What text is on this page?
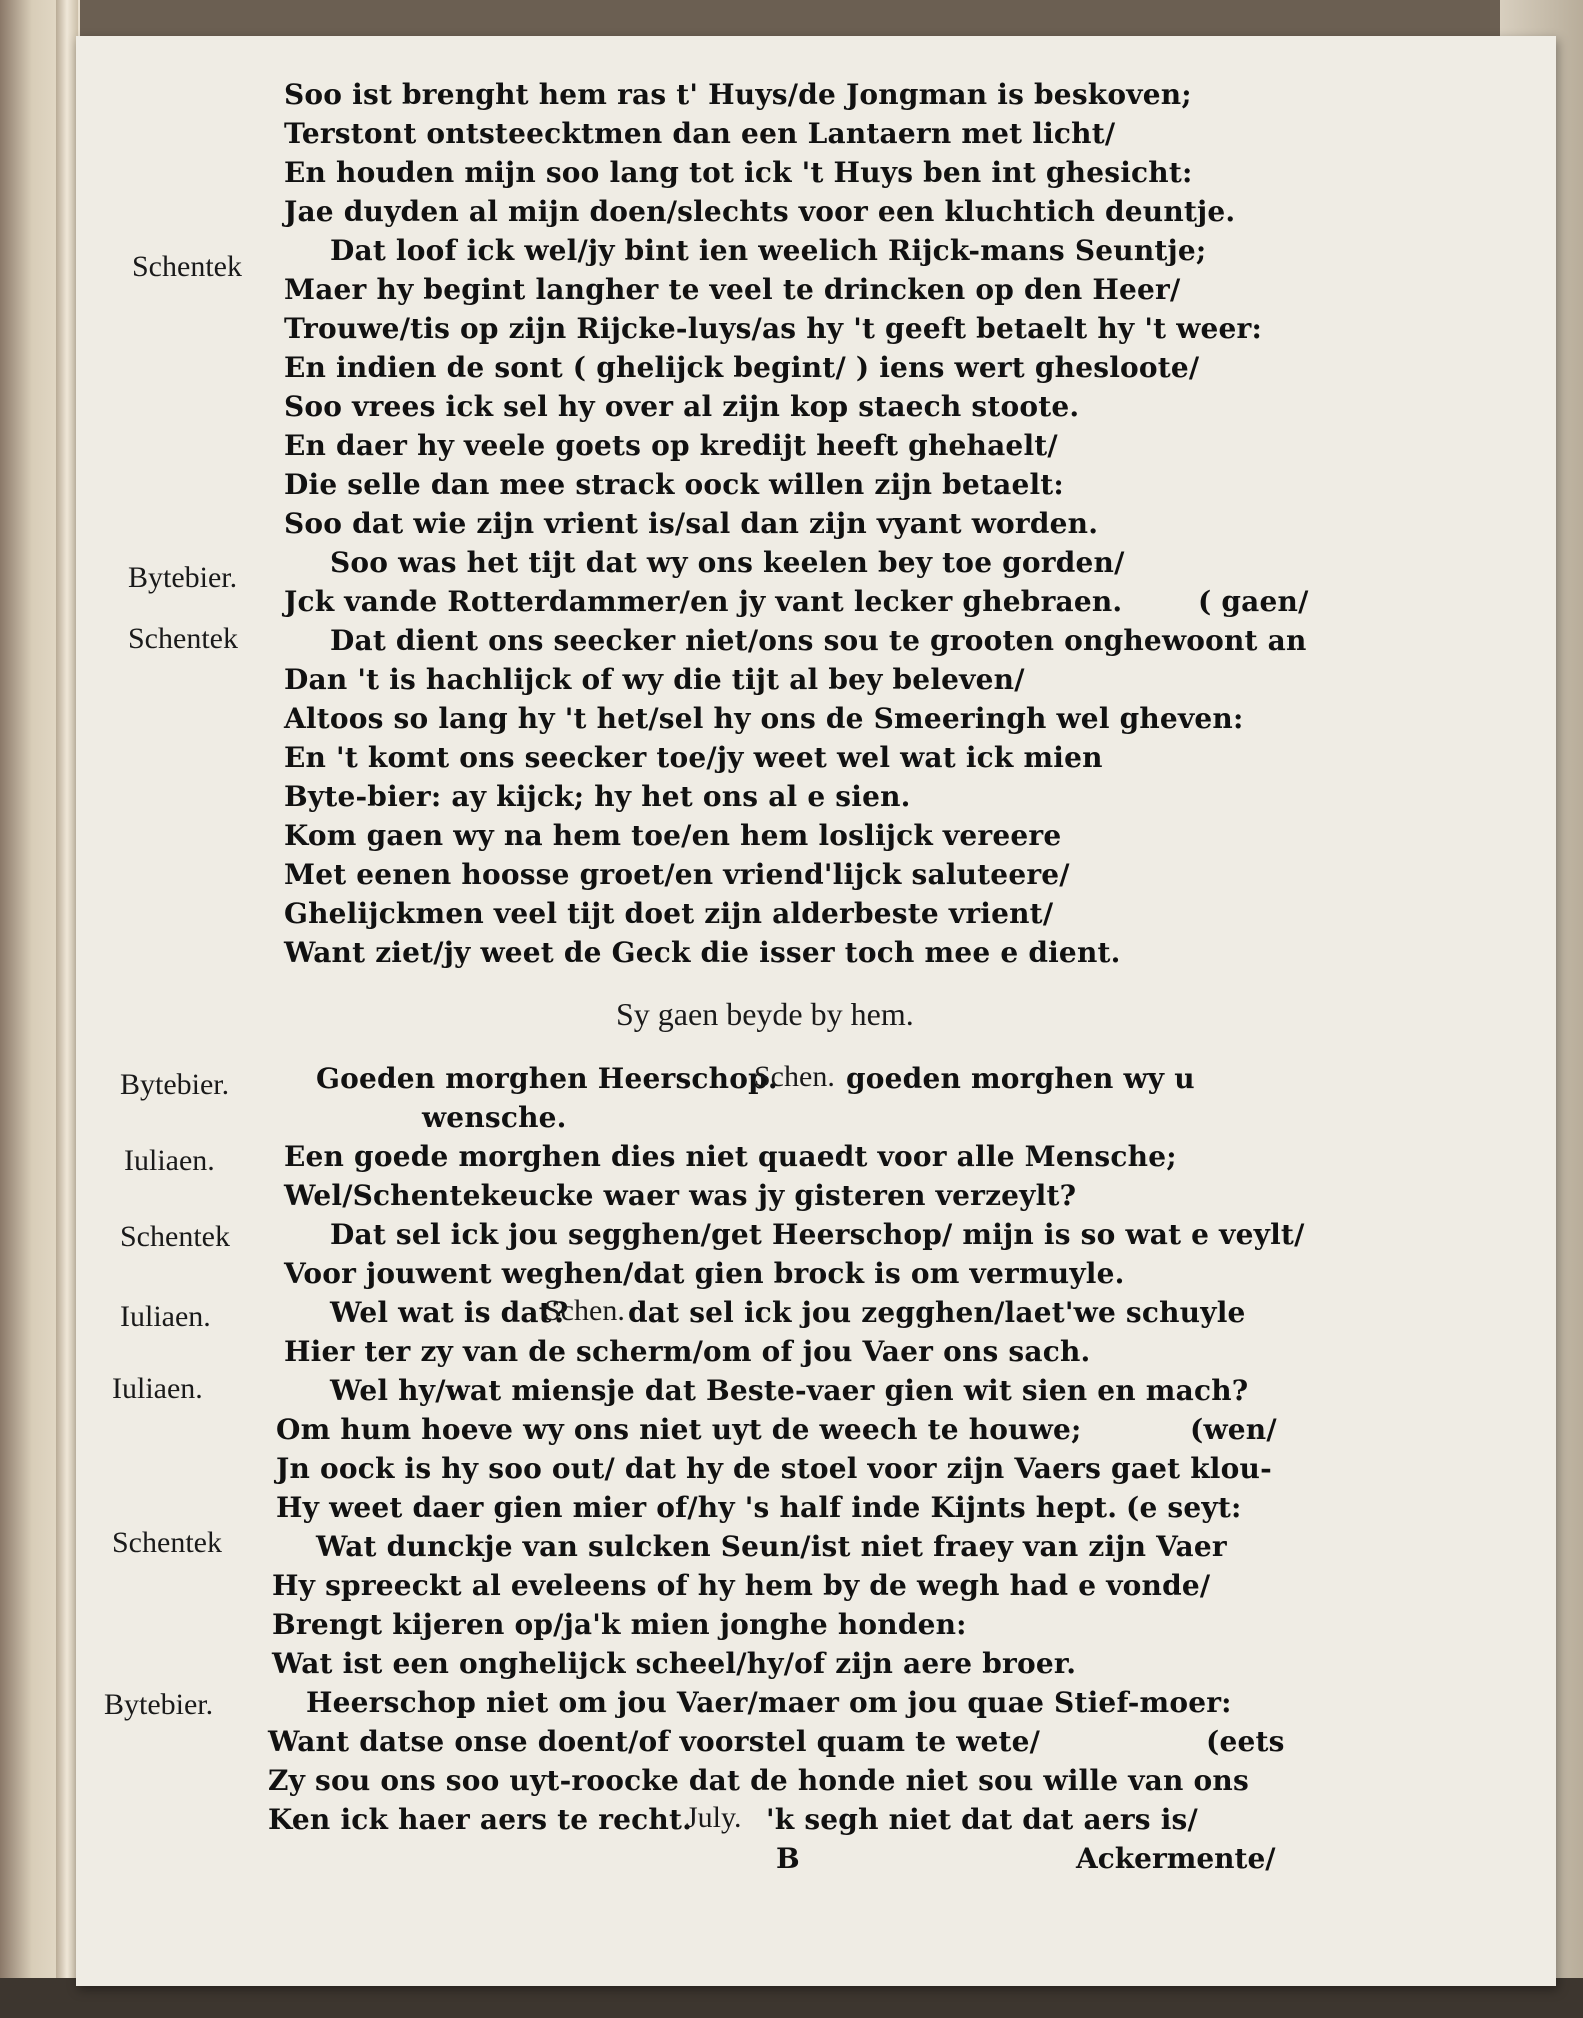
Soo ist brenght hem ras t' Huys/de Jongman is beskoven;
Terstont ontsteecktmen dan een Lantaern met licht/
En houden mijn soo lang tot ick 't Huys ben int ghesicht:
Jae duyden al mijn doen/slechts voor een kluchtich deuntje.
Schentek	Dat loof ick wel/jy bint ien weelich Rijck-mans Seuntje;
Maer hy begint langher te veel te drincken op den Heer/
Trouwe/tis op zijn Rijcke-luys/as hy 't geeft betaelt hy 't weer:
En indien de sont ( ghelijck begint/ ) iens wert ghesloote/
Soo vrees ick sel hy over al zijn kop staech stoote.
En daer hy veele goets op kredijt heeft ghehaelt/
Die selle dan mee strack oock willen zijn betaelt:
Soo dat wie zijn vrient is/sal dan zijn vyant worden.
Bytebier.	Soo was het tijt dat wy ons keelen bey toe gorden/
Jck vande Rotterdammer/en jy vant lecker ghebraen.	( gaen/
Schentek	Dat dient ons seecker niet/ons sou te grooten onghewoont an
Dan 't is hachlijck of wy die tijt al bey beleven/
Altoos so lang hy 't het/sel hy ons de Smeeringh wel gheven:
En 't komt ons seecker toe/jy weet wel wat ick mien
Byte-bier: ay kijck; hy het ons al e sien.
Kom gaen wy na hem toe/en hem loslijck vereere
Met eenen hoosse groet/en vriend'lijck saluteere/
Ghelijckmen veel tijt doet zijn alderbeste vrient/
Want ziet/jy weet de Geck die isser toch mee e dient.
Sy gaen beyde by hem.
Bytebier.	Goeden morghen Heerschop.
Schen. goeden morghen wy u
wensche.
Iuliaen. Een goede morghen dies niet quaedt voor alle Mensche;
Wel/Schentekeucke waer was jy gisteren verzeylt?
Schentek	Dat sel ick jou segghen/get Heerschop/ mijn is so wat e veylt/
Voor jouwent weghen/dat gien brock is om vermuyle.
Iuliaen.	Wel wat is dat?
Schen. dat sel ick jou zegghen/laet'we schuyle
Hier ter zy van de scherm/om of jou Vaer ons sach.
Iuliaen.	Wel hy/wat miensje dat Beste-vaer gien wit sien en mach?
Om hum hoeve wy ons niet uyt de weech te houwe;	(wen/
Jn oock is hy soo out/ dat hy de stoel voor zijn Vaers gaet klou-
Hy weet daer gien mier of/hy 's half inde Kijnts hept. (e seyt:
Schentek	Wat dunckje van sulcken Seun/ist niet fraey van zijn Vaer
Hy spreeckt al eveleens of hy hem by de wegh had e vonde/
Brengt kijeren op/ja'k mien jonghe honden:
Wat ist een onghelijck scheel/hy/of zijn aere broer.
Bytebier.	Heerschop niet om jou Vaer/maer om jou quae Stief-moer:
Want datse onse doent/of voorstel quam te wete/	(eets
Zy sou ons soo uyt-roocke dat de honde niet sou wille van ons
Ken ick haer aers te recht.
July. 'k segh niet dat dat aers is/
B	Ackermente/
